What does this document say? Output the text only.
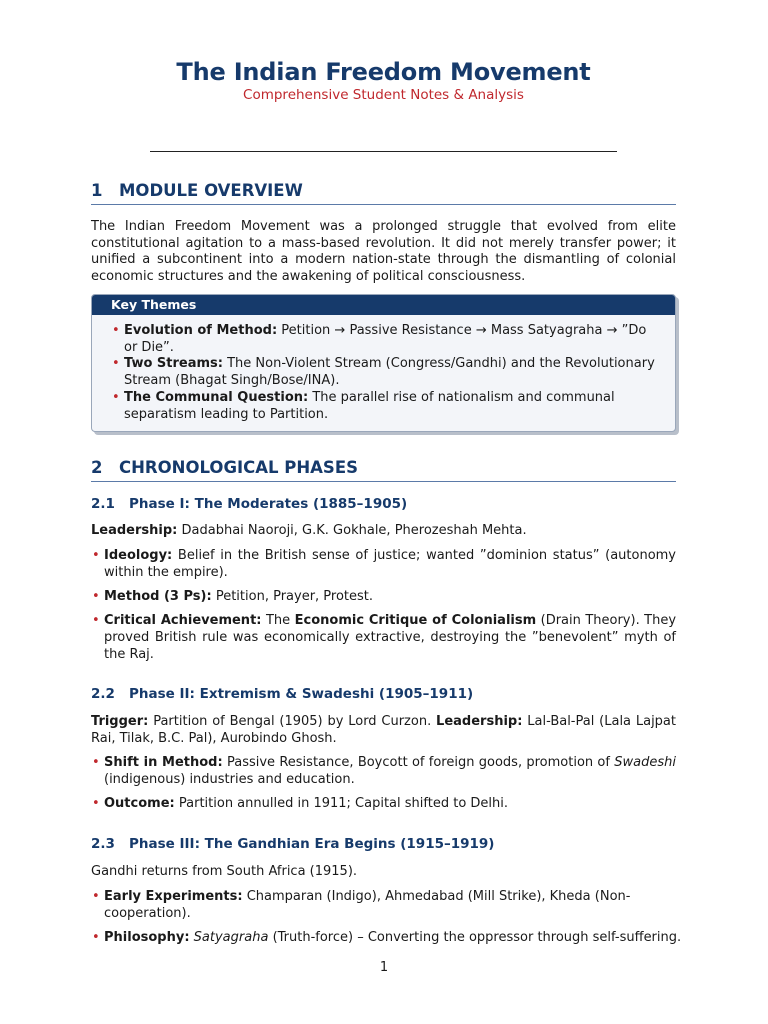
The Indian Freedom Movement
Comprehensive Student Notes & Analysis
1 MODULE OVERVIEW

The Indian Freedom Movement was a prolonged struggle that evolved from elite constitutional agitation to a mass-based revolution. It did not merely transfer power; it unified a subcontinent into a modern nation-state through the dismantling of colonial economic structures and the awakening of political consciousness.

Key Themes
• Evolution of Method: Petition → Passive Resistance → Mass Satyagraha → ”Do or Die”.
• Two Streams: The Non-Violent Stream (Congress/Gandhi) and the Revolutionary Stream (Bhagat Singh/Bose/INA).
• The Communal Question: The parallel rise of nationalism and communal separatism leading to Partition.
2 CHRONOLOGICAL PHASES
2.1 Phase I: The Moderates (1885–1905)

Leadership: Dadabhai Naoroji, G.K. Gokhale, Pherozeshah Mehta.

• Ideology: Belief in the British sense of justice; wanted ”dominion status” (autonomy within the empire).
• Method (3 Ps): Petition, Prayer, Protest.
• Critical Achievement: The Economic Critique of Colonialism (Drain Theory). They proved British rule was economically extractive, destroying the ”benevolent” myth of the Raj.
2.2 Phase II: Extremism & Swadeshi (1905–1911)

Trigger: Partition of Bengal (1905) by Lord Curzon. Leadership: Lal-Bal-Pal (Lala Lajpat Rai, Tilak, B.C. Pal), Aurobindo Ghosh.

• Shift in Method: Passive Resistance, Boycott of foreign goods, promotion of Swadeshi (indigenous) industries and education.
• Outcome: Partition annulled in 1911; Capital shifted to Delhi.
2.3 Phase III: The Gandhian Era Begins (1915–1919)

Gandhi returns from South Africa (1915).

• Early Experiments: Champaran (Indigo), Ahmedabad (Mill Strike), Kheda (Non-cooperation).
• Philosophy: Satyagraha (Truth-force) – Converting the oppressor through self-suffering.
1
